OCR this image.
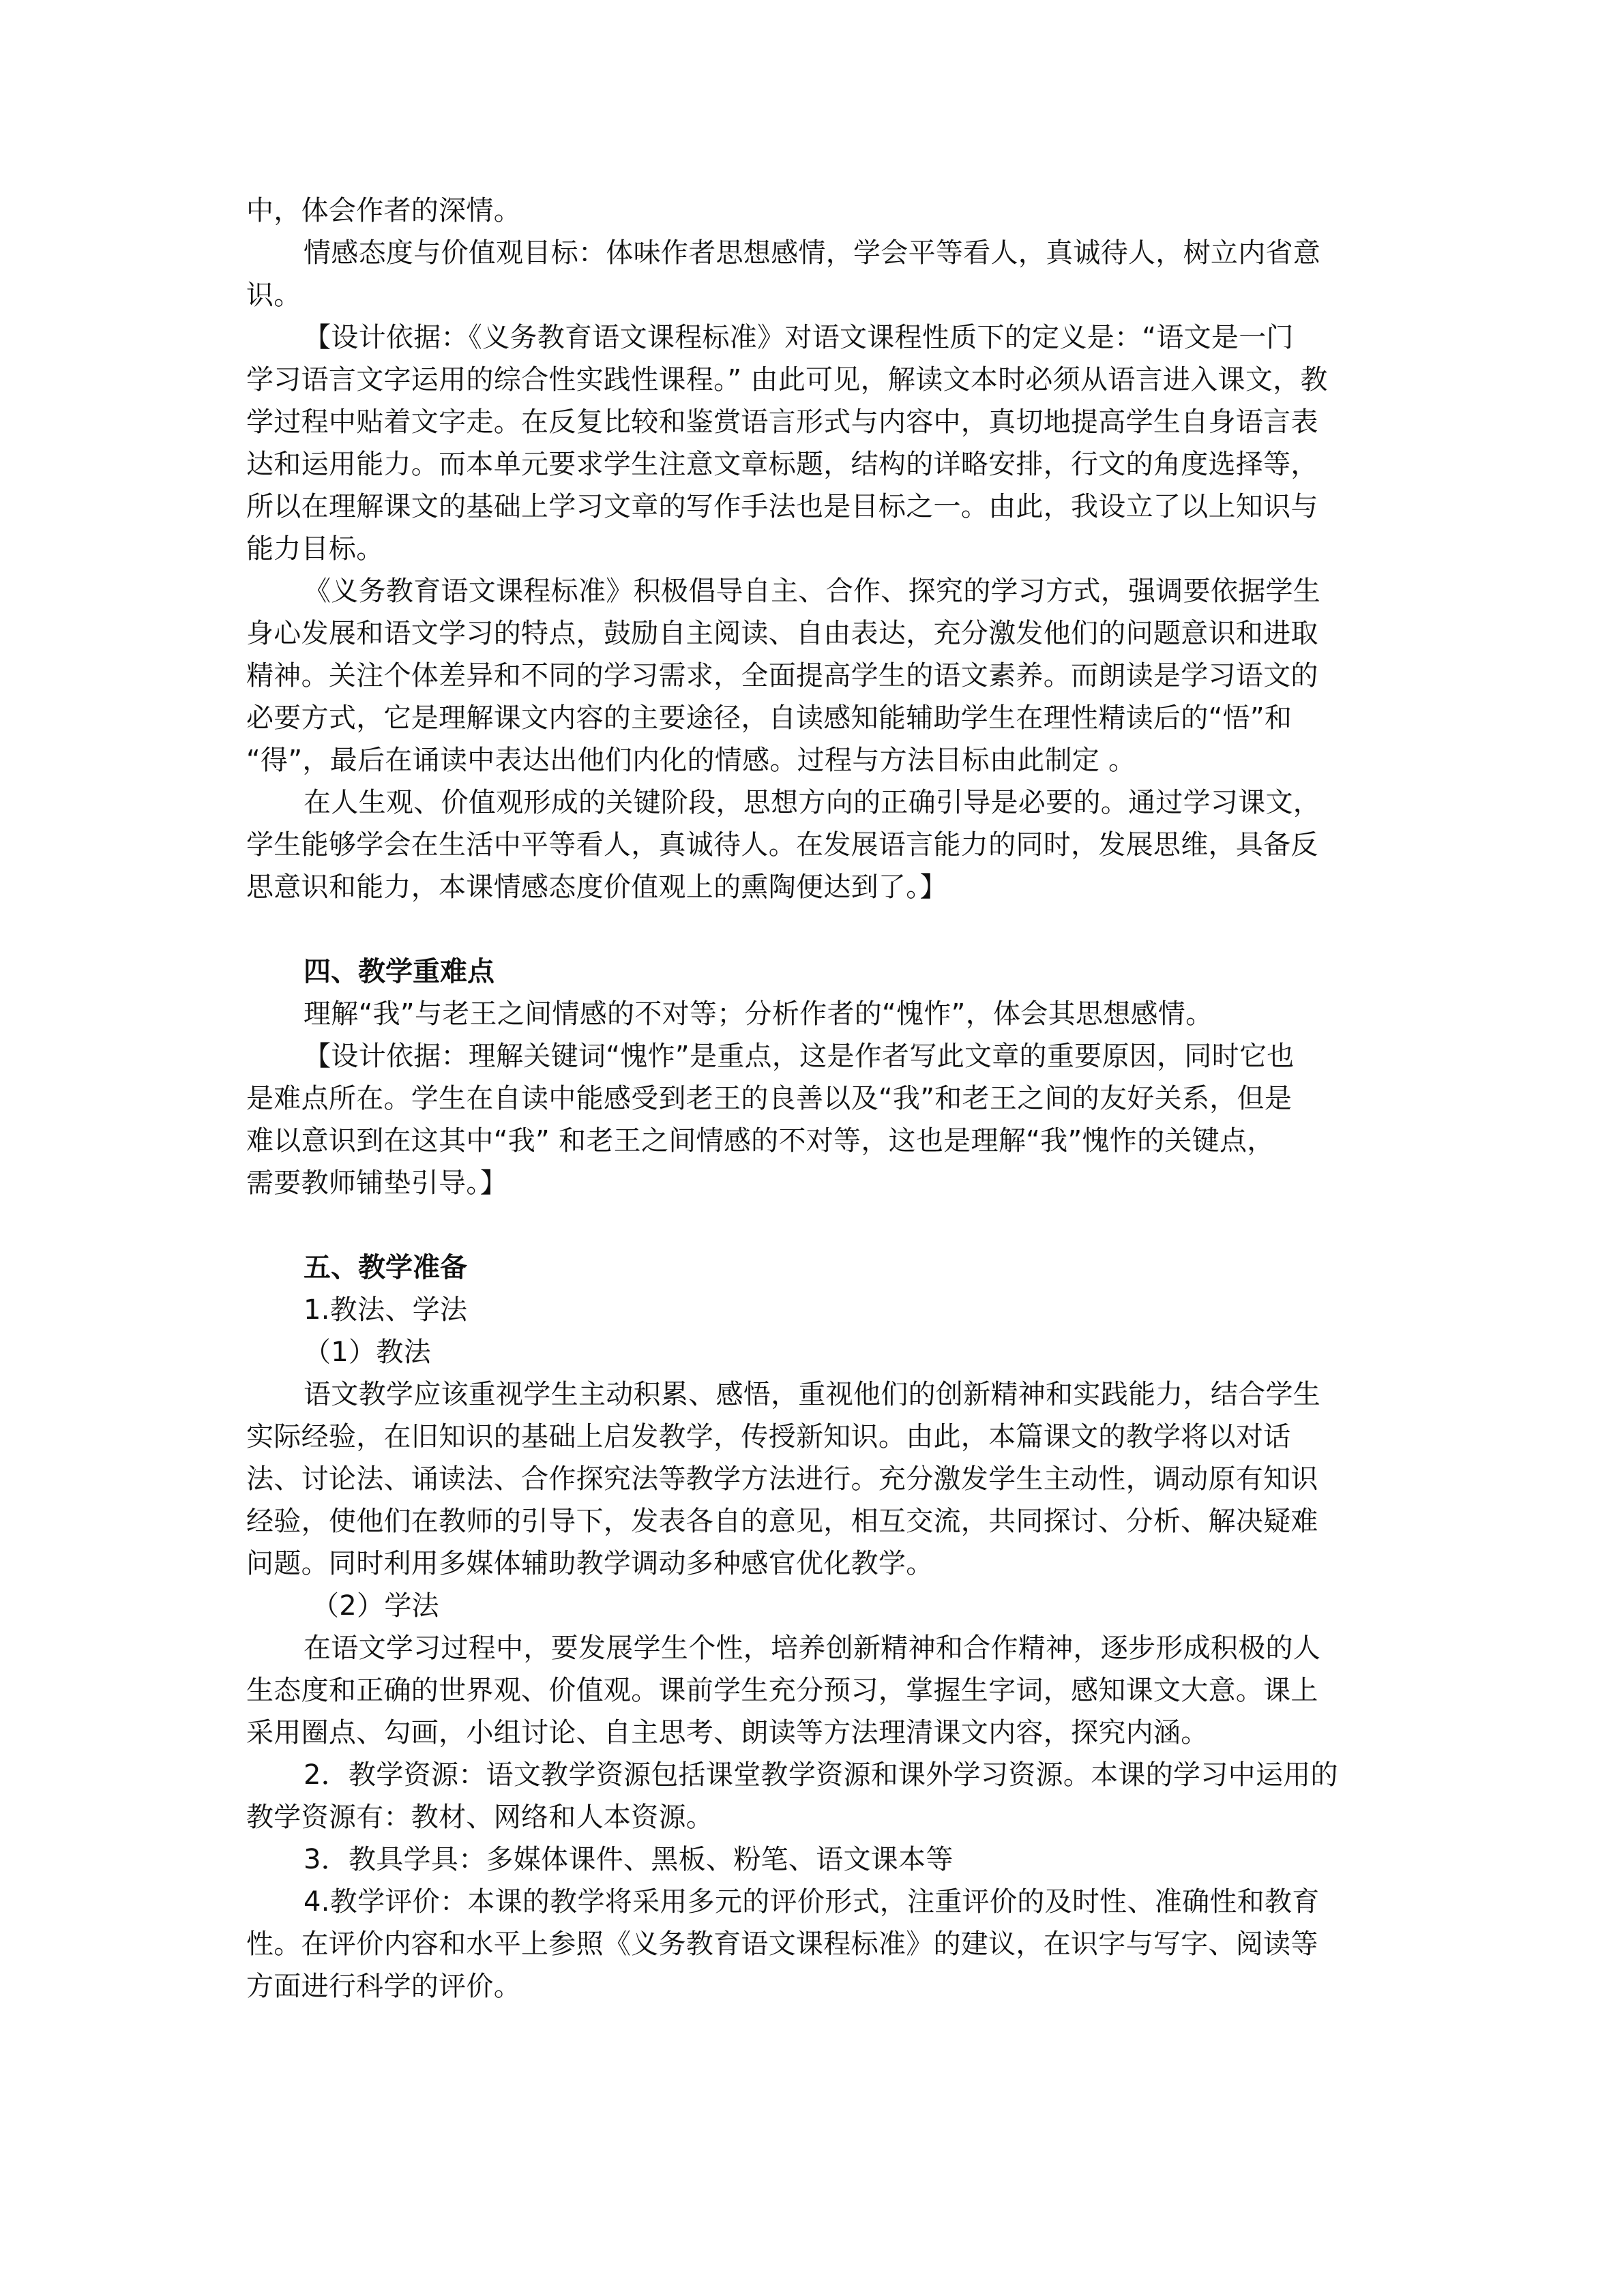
中，体会作者的深情。
情感态度与价值观目标：体味作者思想感情，学会平等看人，真诚待人，树立内省意
识。
【设计依据：《义务教育语文课程标准》对语文课程性质下的定义是：“语文是一门
学习语言文字运用的综合性实践性课程。” 由此可见，解读文本时必须从语言进入课文，教
学过程中贴着文字走。在反复比较和鉴赏语言形式与内容中，真切地提高学生自身语言表
达和运用能力。而本单元要求学生注意文章标题，结构的详略安排，行文的角度选择等，
所以在理解课文的基础上学习文章的写作手法也是目标之一。由此，我设立了以上知识与
能力目标。
《义务教育语文课程标准》积极倡导自主、合作、探究的学习方式，强调要依据学生
身心发展和语文学习的特点，鼓励自主阅读、自由表达，充分激发他们的问题意识和进取
精神。关注个体差异和不同的学习需求，全面提高学生的语文素养。而朗读是学习语文的
必要方式，它是理解课文内容的主要途径，自读感知能辅助学生在理性精读后的“悟”和
“得”，最后在诵读中表达出他们内化的情感。过程与方法目标由此制定 。
在人生观、价值观形成的关键阶段，思想方向的正确引导是必要的。通过学习课文，
学生能够学会在生活中平等看人，真诚待人。在发展语言能力的同时，发展思维，具备反
思意识和能力，本课情感态度价值观上的熏陶便达到了。】
四、教学重难点
理解“我”与老王之间情感的不对等；分析作者的“愧怍”，体会其思想感情。
【设计依据：理解关键词“愧怍”是重点，这是作者写此文章的重要原因，同时它也
是难点所在。学生在自读中能感受到老王的良善以及“我”和老王之间的友好关系，但是
难以意识到在这其中“我” 和老王之间情感的不对等，这也是理解“我”愧怍的关键点，
需要教师铺垫引导。】
五、教学准备
1.教法、学法
（1）教法
语文教学应该重视学生主动积累、感悟，重视他们的创新精神和实践能力，结合学生
实际经验，在旧知识的基础上启发教学，传授新知识。由此，本篇课文的教学将以对话
法、讨论法、诵读法、合作探究法等教学方法进行。充分激发学生主动性，调动原有知识
经验，使他们在教师的引导下，发表各自的意见，相互交流，共同探讨、分析、解决疑难
问题。同时利用多媒体辅助教学调动多种感官优化教学。
（2）学法
在语文学习过程中，要发展学生个性，培养创新精神和合作精神，逐步形成积极的人
生态度和正确的世界观、价值观。课前学生充分预习，掌握生字词，感知课文大意。课上
采用圈点、勾画，小组讨论、自主思考、朗读等方法理清课文内容，探究内涵。
2．教学资源：语文教学资源包括课堂教学资源和课外学习资源。本课的学习中运用的
教学资源有：教材、网络和人本资源。
3．教具学具：多媒体课件、黑板、粉笔、语文课本等
4.教学评价：本课的教学将采用多元的评价形式，注重评价的及时性、准确性和教育
性。在评价内容和水平上参照《义务教育语文课程标准》的建议，在识字与写字、阅读等
方面进行科学的评价。
